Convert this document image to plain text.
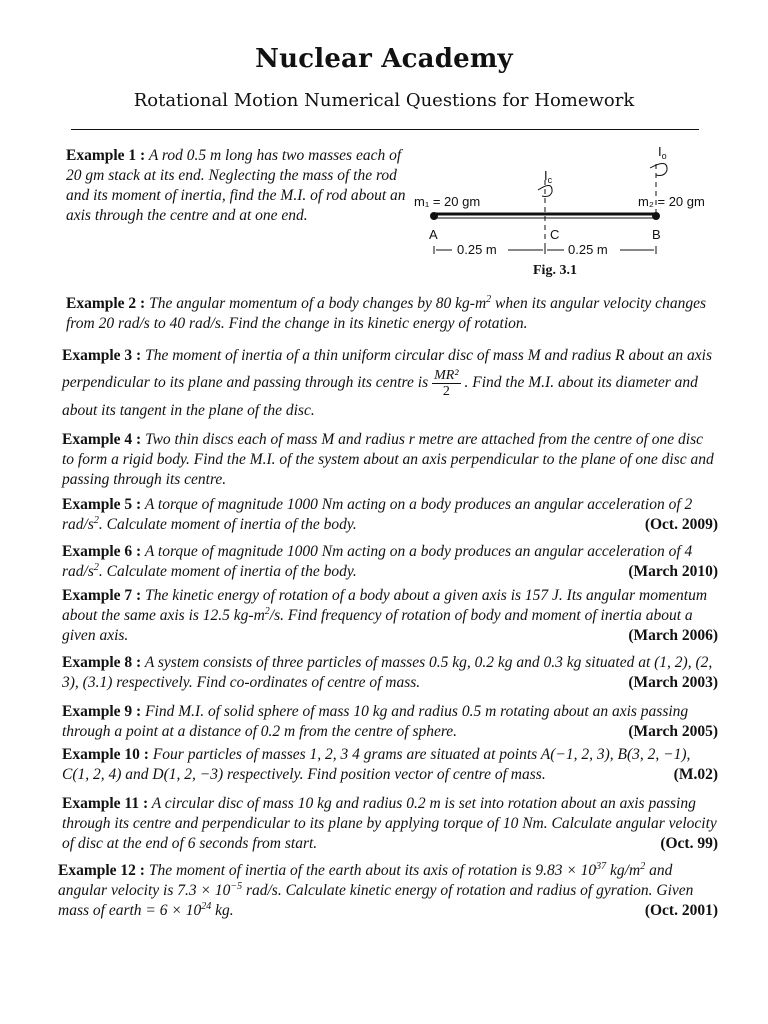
Nuclear Academy
Rotational Motion Numerical Questions for Homework
Example 1 : A rod 0.5 m long has two masses each of 20 gm stack at its end. Neglecting the mass of the rod and its moment of inertia, find the M.I. of rod about an axis through the centre and at one end.
m₁ = 20 gm	m₂ = 20 gm
$I_c$
$I_o$
A	C	B
0.25 m	0.25 m
Fig. 3.1
Example 2 : The angular momentum of a body changes by 80 $kg-m^2$ when its angular velocity changes from 20 rad/s to 40 rad/s. Find the change in its kinetic energy of rotation.
Example 3 : The moment of inertia of a thin uniform circular disc of mass M and radius R about an axis perpendicular to its plane and passing through its centre is $\frac{\text{MR²}}{2}$ . Find the M.I. about its diameter and about its tangent in the plane of the disc.
Example 4 : Two thin discs each of mass M and radius r metre are attached from the centre of one disc to form a rigid body. Find the M.I. of the system about an axis perpendicular to the plane of one disc and passing through its centre.
Example 5 : A torque of magnitude 1000 Nm acting on a body produces an angular acceleration of 2 rad/$s^2$. Calculate moment of inertia of the body.	(Oct. 2009)
Example 6 : A torque of magnitude 1000 Nm acting on a body produces an angular acceleration of 4 rad/$s^2$. Calculate moment of inertia of the body.	(March 2010)
Example 7 : The kinetic energy of rotation of a body about a given axis is 157 J. Its angular momentum about the same axis is 12.5 $kg-m^2/s$. Find frequency of rotation of body and moment of inertia about a given axis.	(March 2006)
Example 8 : A system consists of three particles of masses 0.5 kg, 0.2 kg and 0.3 kg situated at (1, 2), (2, 3), (3.1) respectively. Find co-ordinates of centre of mass.	(March 2003)
Example 9 : Find M.I. of solid sphere of mass 10 kg and radius 0.5 m rotating about an axis passing through a point at a distance of 0.2 m from the centre of sphere.	(March 2005)
Example 10 : Four particles of masses 1, 2, 3 4 grams are situated at points A(−1, 2, 3), B(3, 2, −1), C(1, 2, 4) and D(1, 2, −3) respectively. Find position vector of centre of mass.	(M.02)
Example 11 : A circular disc of mass 10 kg and radius 0.2 m is set into rotation about an axis passing through its centre and perpendicular to its plane by applying torque of 10 Nm. Calculate angular velocity of disc at the end of 6 seconds from start.	(Oct. 99)
Example 12 : The moment of inertia of the earth about its axis of rotation is $9.83 \times 10^{37}$ $kg/m^2$ and angular velocity is $7.3 \times 10^{-5}$ rad/s. Calculate kinetic energy of rotation and radius of gyration. Given mass of earth = $6 \times 10^{24}$ kg.	(Oct. 2001)
